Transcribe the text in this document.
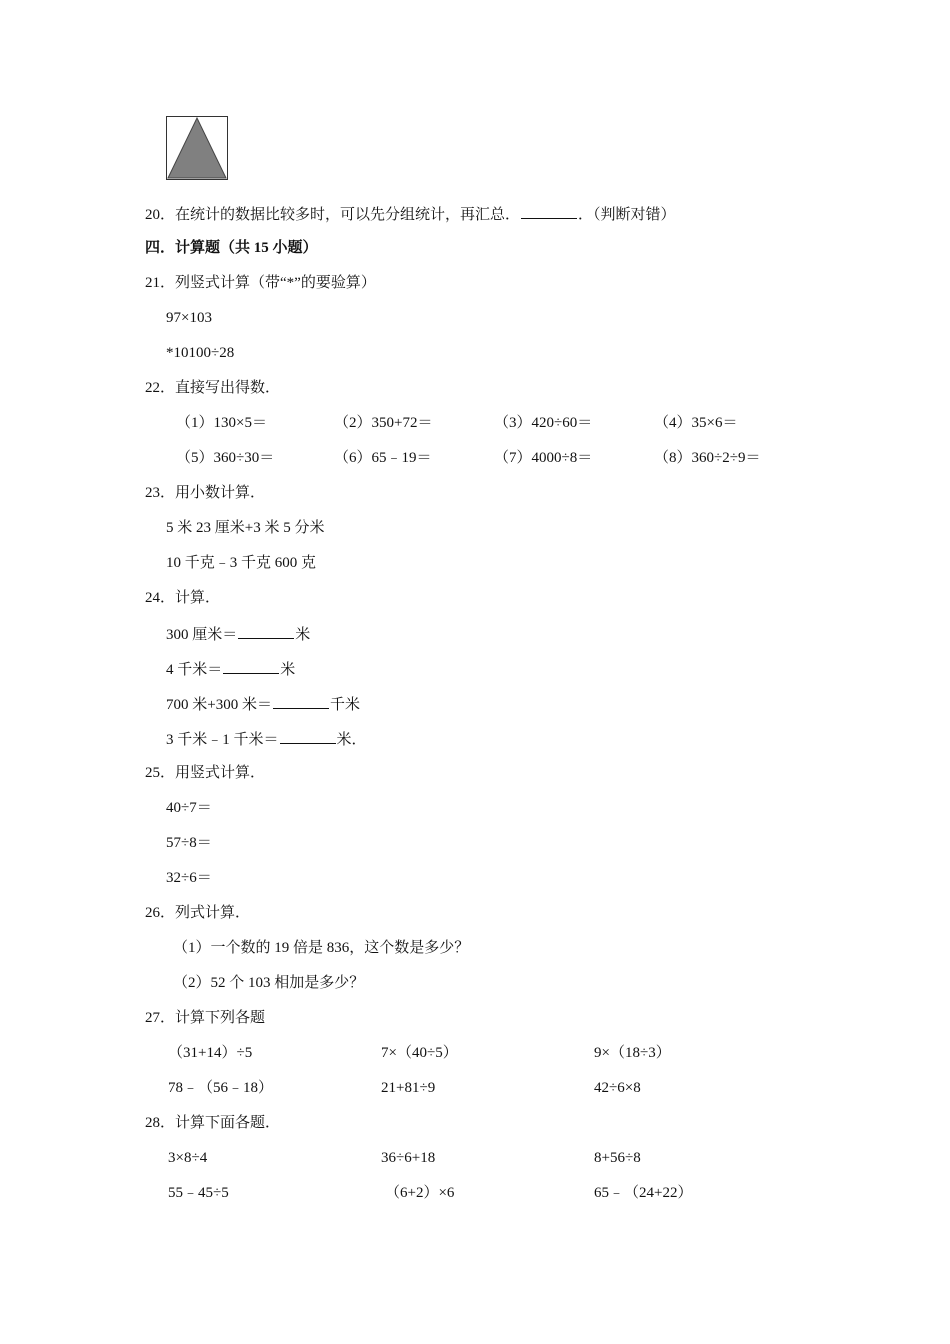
20．在统计的数据比较多时，可以先分组统计，再汇总．	．（判断对错）
四．计算题（共 15 小题）
21．列竖式计算（带“*”的要验算）
97×103
*10100÷28
22．直接写出得数．
（1）130×5＝	（2）350+72＝	（3）420÷60＝	（4）35×6＝
（5）360÷30＝	（6）65﹣19＝	（7）4000÷8＝	（8）360÷2÷9＝
23．用小数计算．
5 米 23 厘米+3 米 5 分米
10 千克﹣3 千克 600 克
24．计算．
300 厘米＝	米
4 千米＝	米
700 米+300 米＝	千米
3 千米﹣1 千米＝	米．
25．用竖式计算．
40÷7＝
57÷8＝
32÷6＝
26．列式计算．
（1）一个数的 19 倍是 836，这个数是多少？
（2）52 个 103 相加是多少？
27．计算下列各题
（31+14）÷5	7×（40÷5）	9×（18÷3）
78﹣（56﹣18）	21+81÷9	42÷6×8
28．计算下面各题．
3×8÷4	36÷6+18	8+56÷8
55﹣45÷5	（6+2）×6	65﹣（24+22）
